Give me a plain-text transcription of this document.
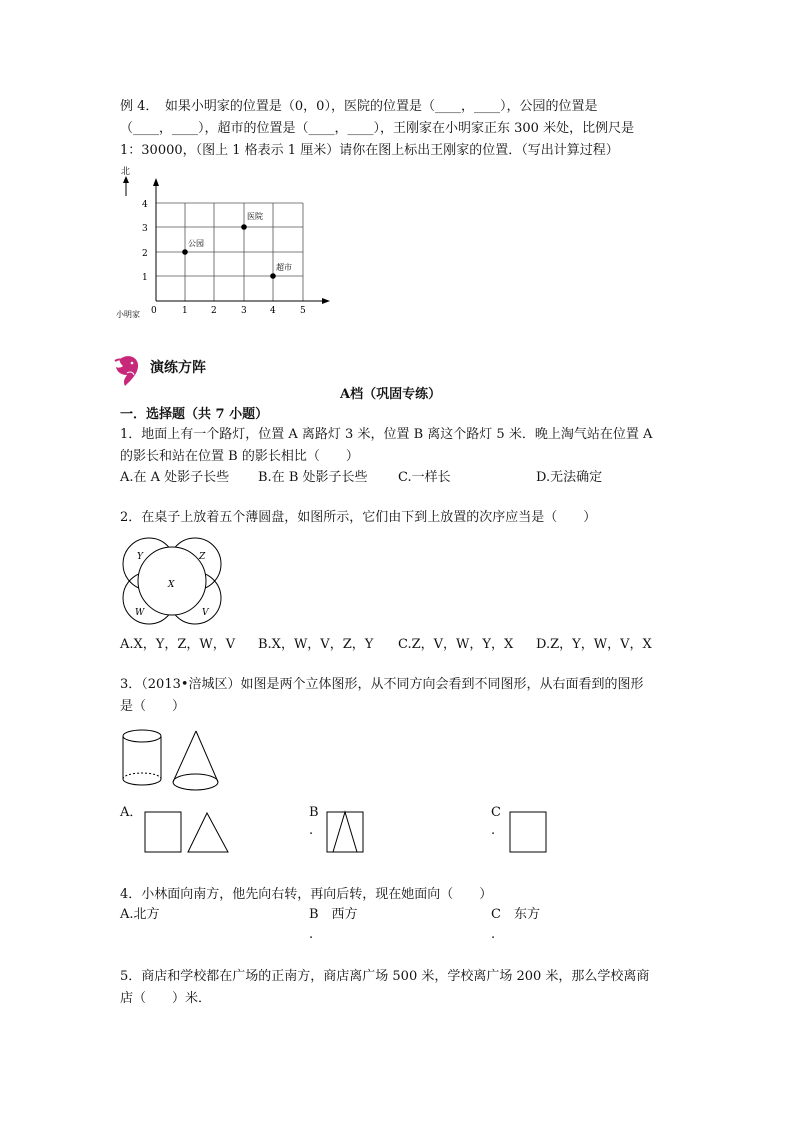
例 4．　如果小明家的位置是（0，0），医院的位置是（____，____），公园的位置是
（____，____），超市的位置是（____，____），王刚家在小明家正东 300 米处，比例尺是
1：30000，（图上 1 格表示 1 厘米）请你在图上标出王刚家的位置．（写出计算过程）
北
1
2
3
4
0	1	2	3	4	5
小明家
公园
医院
超市
演练方阵
A档（巩固专练）
一．选择题（共 7 小题）
1．地面上有一个路灯，位置 A 离路灯 3 米，位置 B 离这个路灯 5 米．晚上淘气站在位置 A
的影长和站在位置 B 的影长相比（　　）
A.在 A 处影子长些 B.在 B 处影子长些 C.一样长	D.无法确定
2．在桌子上放着五个薄圆盘，如图所示，它们由下到上放置的次序应当是（　　）
Y	Z
X
W	V
A.X，Y，Z，W，V B.X，W，V，Z，Y C.Z，V，W，Y，X D.Z，Y，W，V，X
3．（2013•涪城区）如图是两个立体图形，从不同方向会看到不同图形，从右面看到的图形
是（　　）
A．	B
.
C
.
4．小林面向南方，他先向右转，再向后转，现在她面向（　　）
A.北方	B　西方
.
C　东方
.
5．商店和学校都在广场的正南方，商店离广场 500 米，学校离广场 200 米，那么学校离商
店（　　）米．
